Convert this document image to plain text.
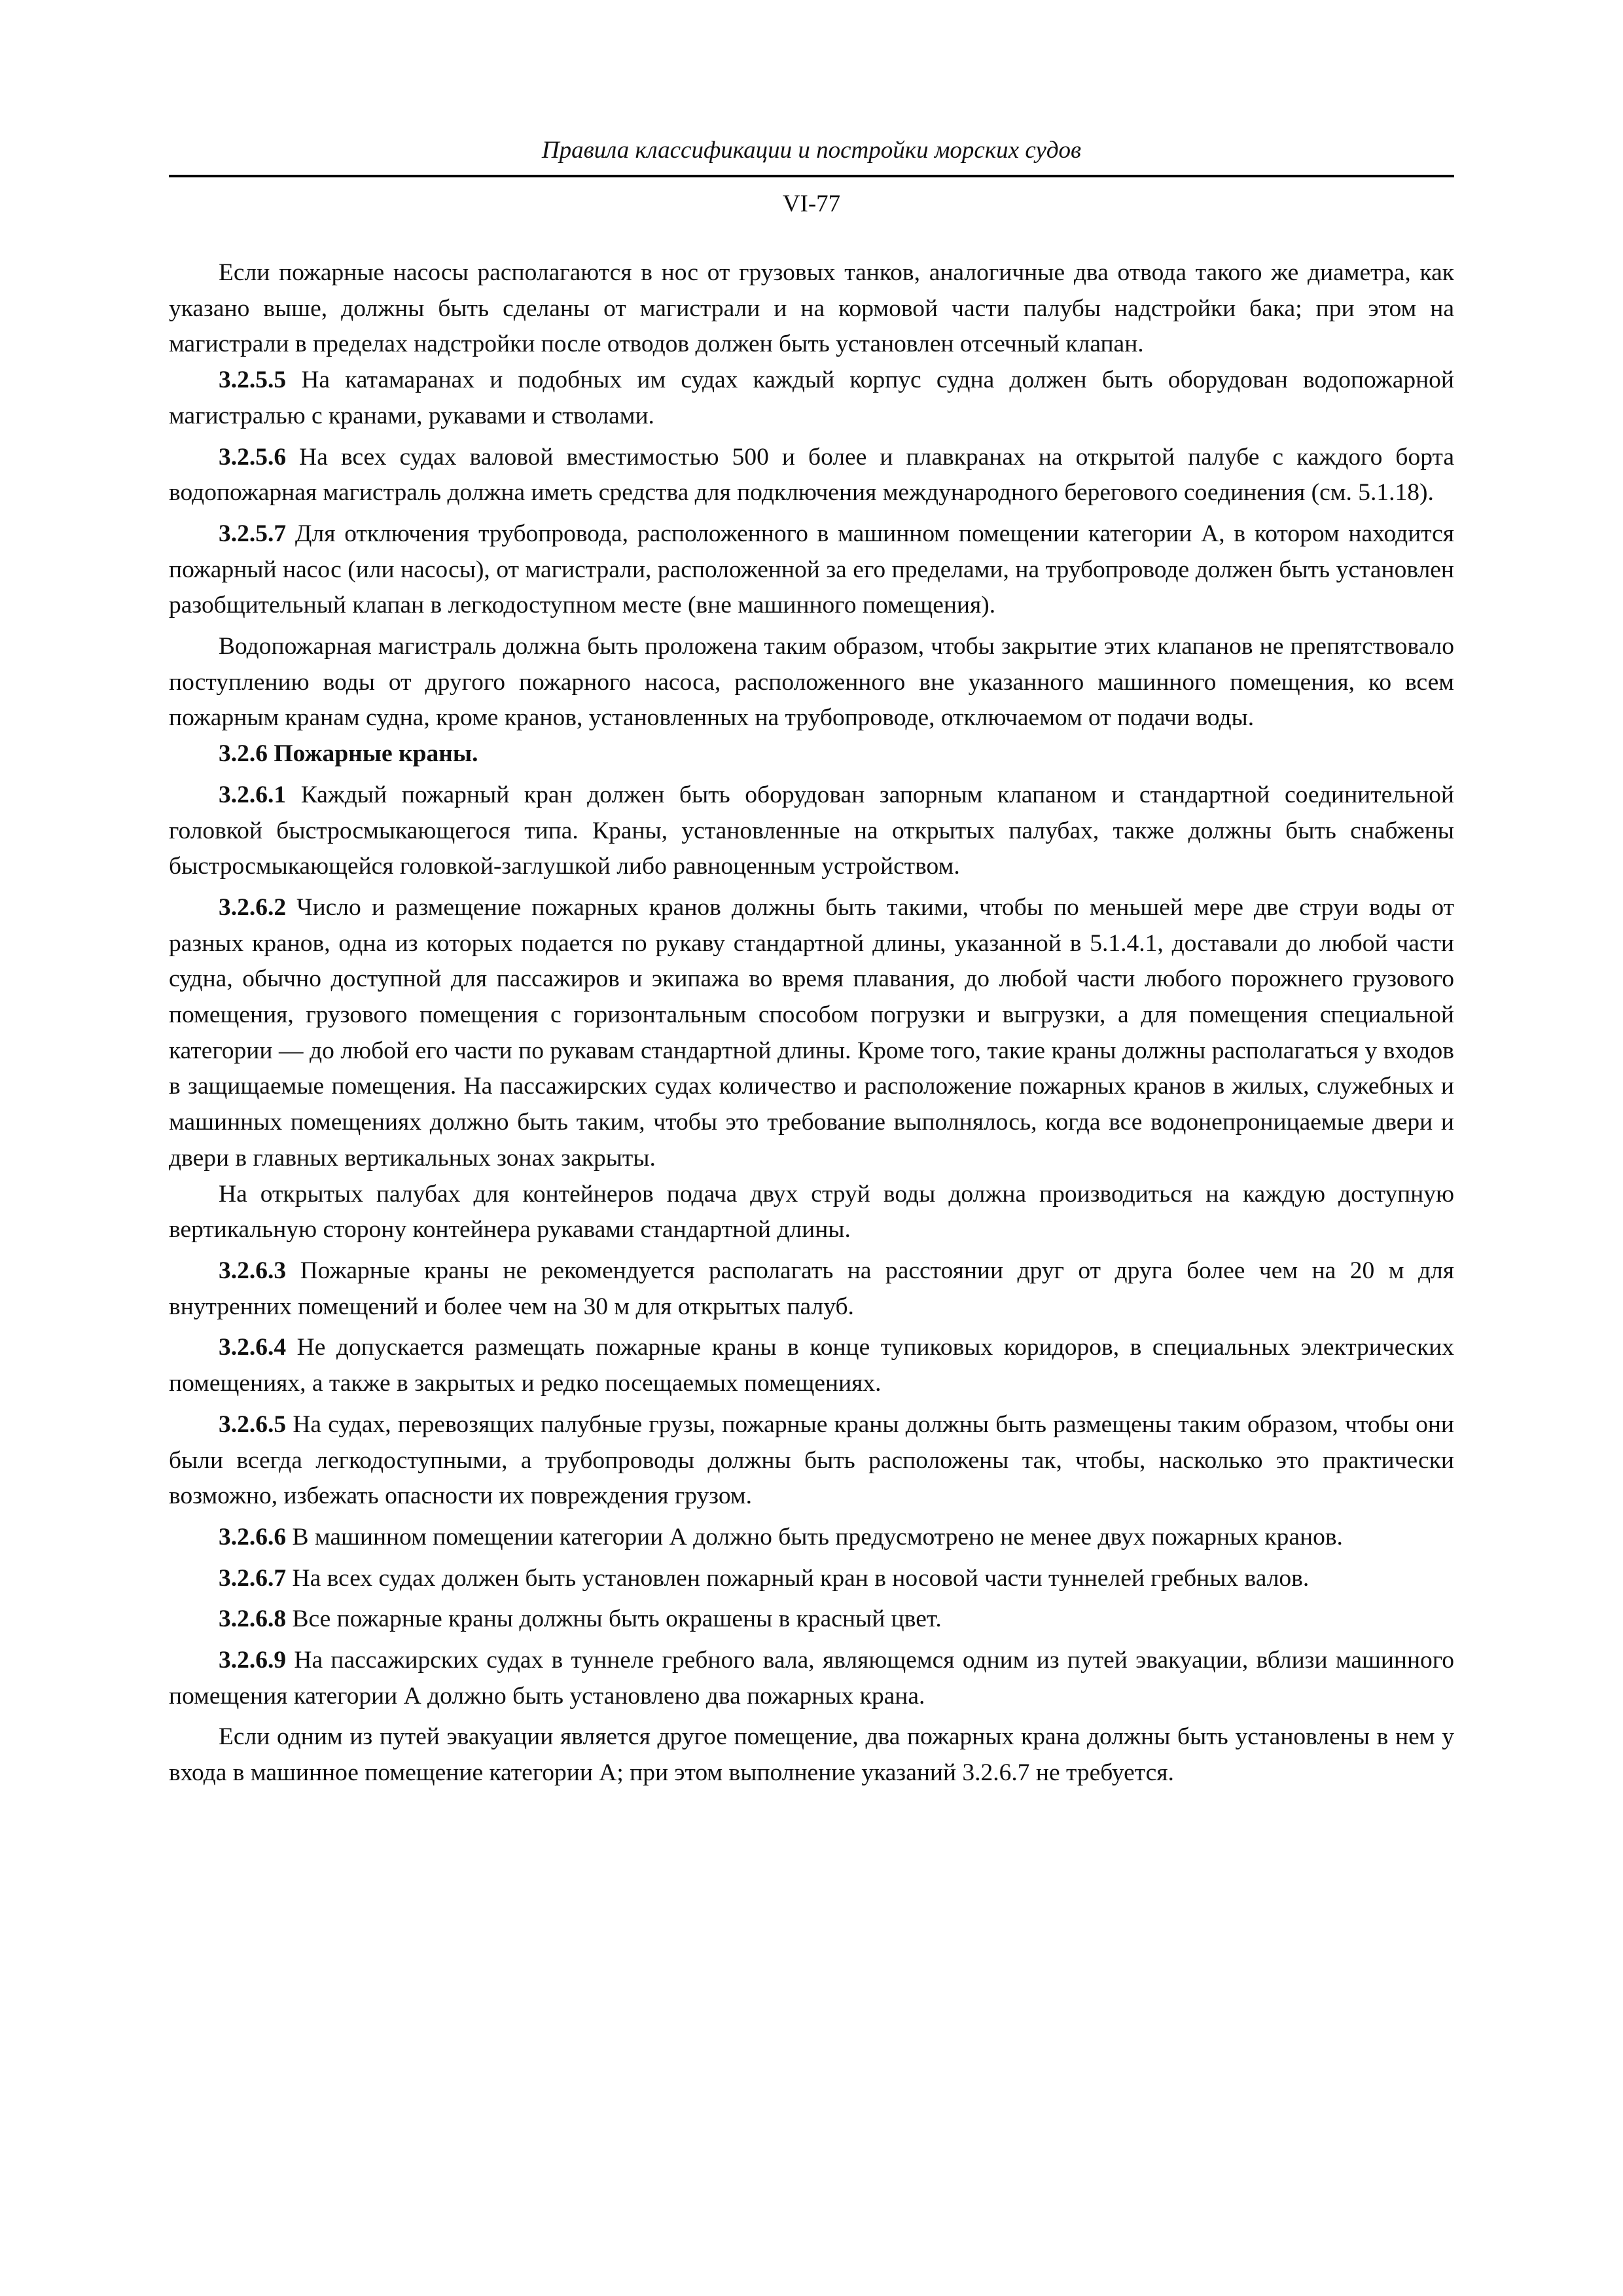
Правила классификации и постройки морских судов
VI-77

Если пожарные насосы располагаются в нос от грузовых танков, аналогичные два отвода такого же диаметра, как указано выше, должны быть сделаны от магистрали и на кормовой части палубы надстройки бака; при этом на магистрали в пределах надстройки после отводов должен быть установлен отсечный клапан.

3.2.5.5 На катамаранах и подобных им судах каждый корпус судна должен быть оборудован водопожарной магистралью с кранами, рукавами и стволами.

3.2.5.6 На всех судах валовой вместимостью 500 и более и плавкранах на открытой палубе с каждого борта водопожарная магистраль должна иметь средства для подключения международного берегового соединения (см. 5.1.18).

3.2.5.7 Для отключения трубопровода, расположенного в машинном помещении категории А, в котором находится пожарный насос (или насосы), от магистрали, расположенной за его пределами, на трубопроводе должен быть установлен разобщительный клапан в легкодоступном месте (вне машинного помещения).

Водопожарная магистраль должна быть проложена таким образом, чтобы закрытие этих клапанов не препятствовало поступлению воды от другого пожарного насоса, расположенного вне указанного машинного помещения, ко всем пожарным кранам судна, кроме кранов, установленных на трубопроводе, отключаемом от подачи воды.

3.2.6 Пожарные краны.

3.2.6.1 Каждый пожарный кран должен быть оборудован запорным клапаном и стандартной соединительной головкой быстросмыкающегося типа. Краны, установленные на открытых палубах, также должны быть снабжены быстросмыкающейся головкой-заглушкой либо равноценным устройством.

3.2.6.2 Число и размещение пожарных кранов должны быть такими, чтобы по меньшей мере две струи воды от разных кранов, одна из которых подается по рукаву стандартной длины, указанной в 5.1.4.1, доставали до любой части судна, обычно доступной для пассажиров и экипажа во время плавания, до любой части любого порожнего грузового помещения, грузового помещения с горизонтальным способом погрузки и выгрузки, а для помещения специальной категории — до любой его части по рукавам стандартной длины. Кроме того, такие краны должны располагаться у входов в защищаемые помещения. На пассажирских судах количество и расположение пожарных кранов в жилых, служебных и машинных помещениях должно быть таким, чтобы это требование выполнялось, когда все водонепроницаемые двери и двери в главных вертикальных зонах закрыты.

На открытых палубах для контейнеров подача двух струй воды должна производиться на каждую доступную вертикальную сторону контейнера рукавами стандартной длины.

3.2.6.3 Пожарные краны не рекомендуется располагать на расстоянии друг от друга более чем на 20 м для внутренних помещений и более чем на 30 м для открытых палуб.

3.2.6.4 Не допускается размещать пожарные краны в конце тупиковых коридоров, в специальных электрических помещениях, а также в закрытых и редко посещаемых помещениях.

3.2.6.5 На судах, перевозящих палубные грузы, пожарные краны должны быть размещены таким образом, чтобы они были всегда легкодоступными, а трубопроводы должны быть расположены так, чтобы, насколько это практически возможно, избежать опасности их повреждения грузом.

3.2.6.6 В машинном помещении категории А должно быть предусмотрено не менее двух пожарных кранов.

3.2.6.7 На всех судах должен быть установлен пожарный кран в носовой части туннелей гребных валов.

3.2.6.8 Все пожарные краны должны быть окрашены в красный цвет.

3.2.6.9 На пассажирских судах в туннеле гребного вала, являющемся одним из путей эвакуации, вблизи машинного помещения категории А должно быть установлено два пожарных крана.

Если одним из путей эвакуации является другое помещение, два пожарных крана должны быть установлены в нем у входа в машинное помещение категории А; при этом выполнение указаний 3.2.6.7 не требуется.
